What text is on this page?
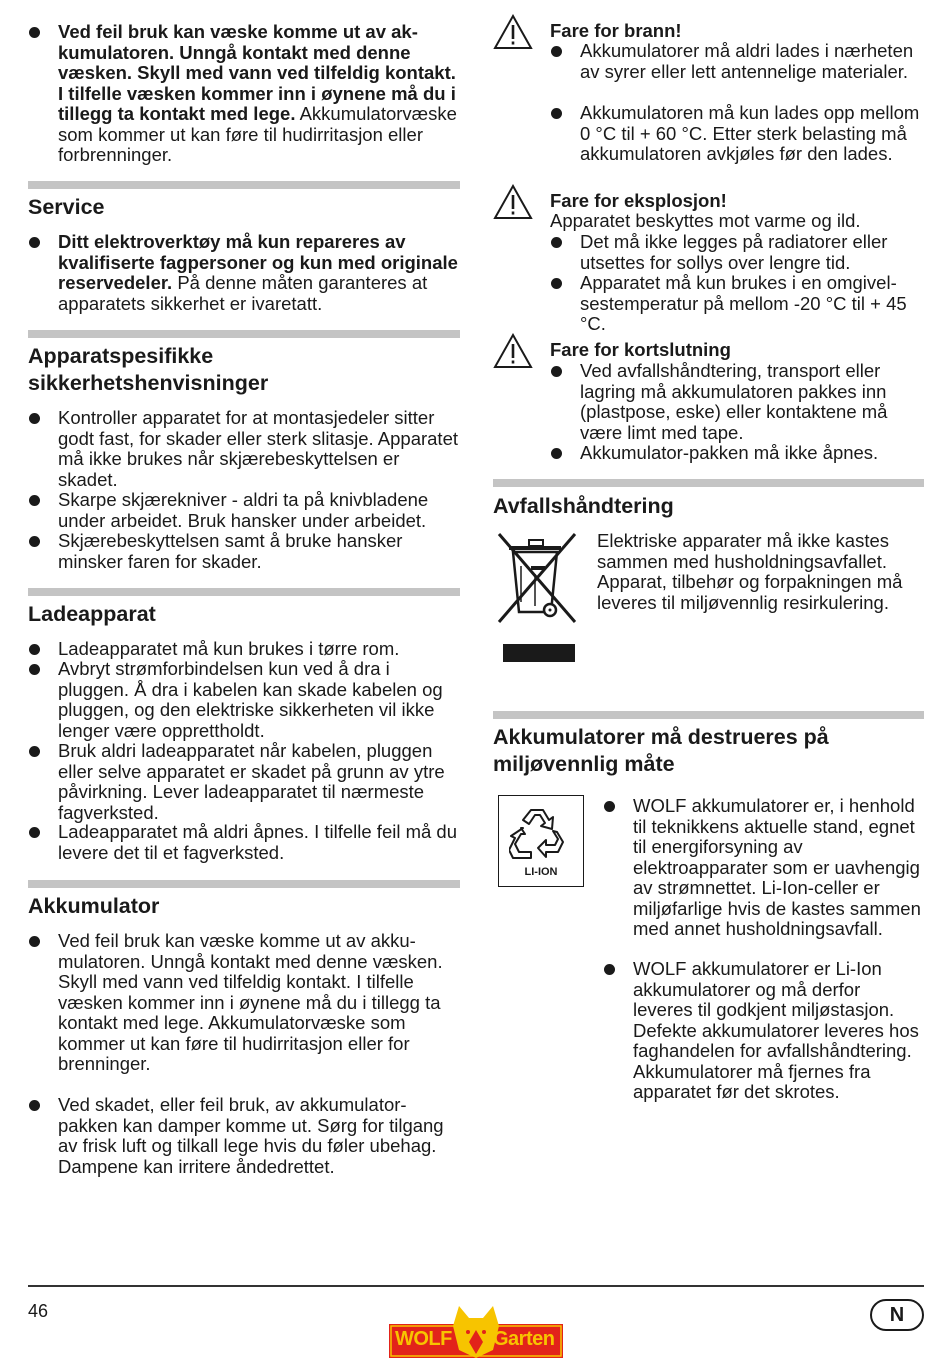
Ved feil bruk kan væske komme ut av akkumulatoren. Unngå kontakt med denne væsken. Skyll med vann ved tilfeldig kontakt. I tilfelle væsken kommer inn i øynene må du i tillegg ta kontakt med lege. Akkumulatorvæske som kommer ut kan føre til hudirritasjon eller forbrenninger.
Service
Ditt elektroverktøy må kun repareres av kvalifiserte fagpersoner og kun med originale reservedeler. På denne måten garanteres at apparatets sikkerhet er ivaretatt.
Apparatspesifikke
sikkerhetshenvisninger
Kontroller apparatet for at montasjedeler sitter godt fast, for skader eller sterk slitasje. Apparatet må ikke brukes når skjærebeskyttelsen er skadet.
Skarpe skjærekniver - aldri ta på knivbladene under arbeidet. Bruk hansker under arbeidet.
Skjærebeskyttelsen samt å bruke hansker minsker faren for skader.
Ladeapparat
Ladeapparatet må kun brukes i tørre rom.
Avbryt strømforbindelsen kun ved å dra i pluggen. Å dra i kabelen kan skade kabelen og pluggen, og den elektriske sikkerheten vil ikke lenger være opprettholdt.
Bruk aldri ladeapparatet når kabelen, pluggen eller selve apparatet er skadet på grunn av ytre påvirkning. Lever ladeapparatet til nærmeste fagverksted.
Ladeapparatet må aldri åpnes. I tilfelle feil må du levere det til et fagverksted.
Akkumulator
Ved feil bruk kan væske komme ut av akkumulatoren. Unngå kontakt med denne væsken. Skyll med vann ved tilfeldig kontakt. I tilfelle væsken kommer inn i øynene må du i tillegg ta kontakt med lege. Akkumulatorvæske som kommer ut kan føre til hudirritasjon eller for brenninger.
Ved skadet, eller feil bruk, av akkumulatorpakken kan damper komme ut. Sørg for tilgang av frisk luft og tilkall lege hvis du føler ubehag. Dampene kan irritere åndedrettet.
Fare for brann!
Akkumulatorer må aldri lades i nærheten av syrer eller lett antennelige materialer.
Akkumulatoren må kun lades opp mellom 0 °C til + 60 °C. Etter sterk belasting må akkumulatoren avkjøles før den lades.
Fare for eksplosjon!
Apparatet beskyttes mot varme og ild.
Det må ikke legges på radiatorer eller utsettes for sollys over lengre tid.
Apparatet må kun brukes i en omgivelsestemperatur på mellom -20 °C til + 45 °C.
Fare for kortslutning
Ved avfallshåndtering, transport eller lagring må akkumulatoren pakkes inn (plastpose, eske) eller kontaktene må være limt med tape.
Akkumulator-pakken må ikke åpnes.
Avfallshåndtering
Elektriske apparater må ikke kastes sammen med husholdningsavfallet. Apparat, tilbehør og forpakningen må leveres til miljøvennlig resirkulering.
Akkumulatorer må destrueres på
miljøvennlig måte
LI-ION
WOLF akkumulatorer er, i henhold til teknikkens aktuelle stand, egnet til energiforsyning av elektroapparater som er uavhengig av strømnettet. Li-Ion-celler er miljøfarlige hvis de kastes sammen med annet husholdningsavfall.
WOLF akkumulatorer er Li-Ion akkumulatorer og må derfor leveres til godkjent miljøstasjon. Defekte akkumulatorer leveres hos faghandelen for avfallshåndtering. Akkumulatorer må fjernes fra apparatet før det skrotes.
46
WOLF Garten
N
